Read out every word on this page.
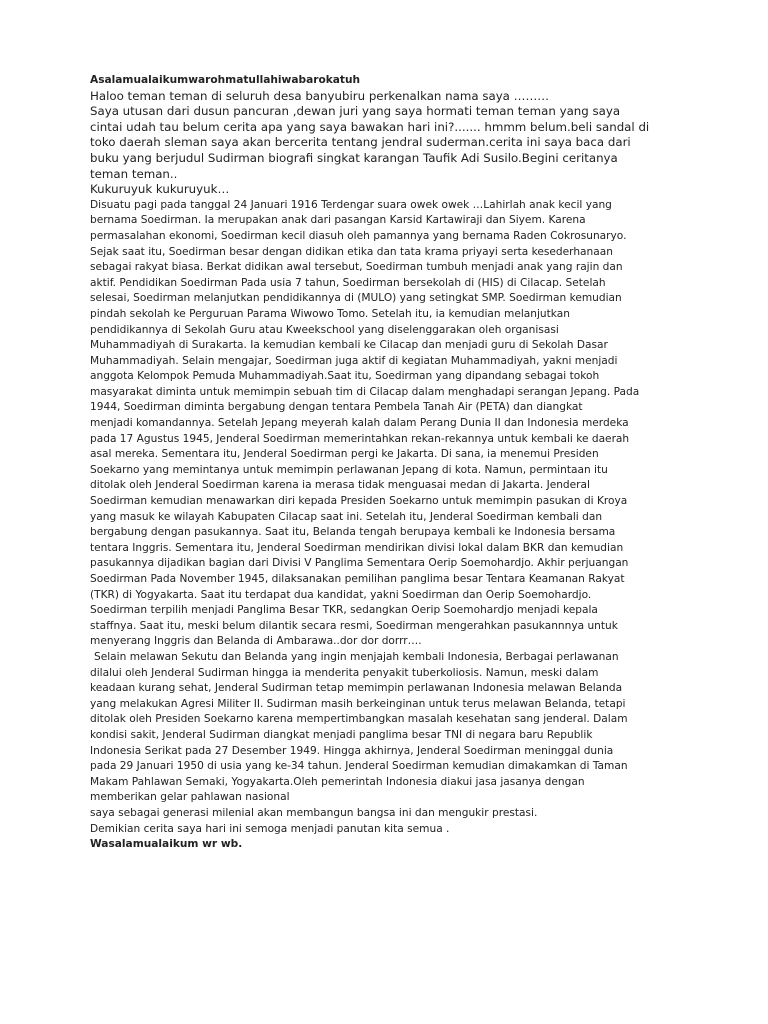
Asalamualaikumwarohmatullahiwabarokatuh

Haloo teman teman di seluruh desa banyubiru perkenalkan nama saya ………

Saya utusan dari dusun pancuran ,dewan juri yang saya hormati teman teman yang saya

cintai udah tau belum cerita apa yang saya bawakan hari ini?....... hmmm belum.beli sandal di

toko daerah sleman saya akan bercerita tentang jendral suderman.cerita ini saya baca dari

buku yang berjudul Sudirman biografi singkat karangan Taufik Adi Susilo.Begini ceritanya

teman teman..

Kukuruyuk kukuruyuk…

Disuatu pagi pada tanggal 24 Januari 1916 Terdengar suara owek owek …Lahirlah anak kecil yang

bernama Soedirman. Ia merupakan anak dari pasangan Karsid Kartawiraji dan Siyem. Karena

permasalahan ekonomi, Soedirman kecil diasuh oleh pamannya yang bernama Raden Cokrosunaryo.

Sejak saat itu, Soedirman besar dengan didikan etika dan tata krama priyayi serta kesederhanaan

sebagai rakyat biasa. Berkat didikan awal tersebut, Soedirman tumbuh menjadi anak yang rajin dan

aktif. Pendidikan Soedirman Pada usia 7 tahun, Soedirman bersekolah di (HIS) di Cilacap. Setelah

selesai, Soedirman melanjutkan pendidikannya di (MULO) yang setingkat SMP. Soedirman kemudian

pindah sekolah ke Perguruan Parama Wiwowo Tomo. Setelah itu, ia kemudian melanjutkan

pendidikannya di Sekolah Guru atau Kweekschool yang diselenggarakan oleh organisasi

Muhammadiyah di Surakarta. Ia kemudian kembali ke Cilacap dan menjadi guru di Sekolah Dasar

Muhammadiyah. Selain mengajar, Soedirman juga aktif di kegiatan Muhammadiyah, yakni menjadi

anggota Kelompok Pemuda Muhammadiyah.Saat itu, Soedirman yang dipandang sebagai tokoh

masyarakat diminta untuk memimpin sebuah tim di Cilacap dalam menghadapi serangan Jepang. Pada

1944, Soedirman diminta bergabung dengan tentara Pembela Tanah Air (PETA) dan diangkat

menjadi komandannya. Setelah Jepang meyerah kalah dalam Perang Dunia II dan Indonesia merdeka

pada 17 Agustus 1945, Jenderal Soedirman memerintahkan rekan-rekannya untuk kembali ke daerah

asal mereka. Sementara itu, Jenderal Soedirman pergi ke Jakarta. Di sana, ia menemui Presiden

Soekarno yang memintanya untuk memimpin perlawanan Jepang di kota. Namun, permintaan itu

ditolak oleh Jenderal Soedirman karena ia merasa tidak menguasai medan di Jakarta. Jenderal

Soedirman kemudian menawarkan diri kepada Presiden Soekarno untuk memimpin pasukan di Kroya

yang masuk ke wilayah Kabupaten Cilacap saat ini. Setelah itu, Jenderal Soedirman kembali dan

bergabung dengan pasukannya. Saat itu, Belanda tengah berupaya kembali ke Indonesia bersama

tentara Inggris. Sementara itu, Jenderal Soedirman mendirikan divisi lokal dalam BKR dan kemudian

pasukannya dijadikan bagian dari Divisi V Panglima Sementara Oerip Soemohardjo. Akhir perjuangan

Soedirman Pada November 1945, dilaksanakan pemilihan panglima besar Tentara Keamanan Rakyat

(TKR) di Yogyakarta. Saat itu terdapat dua kandidat, yakni Soedirman dan Oerip Soemohardjo.

Soedirman terpilih menjadi Panglima Besar TKR, sedangkan Oerip Soemohardjo menjadi kepala

staffnya. Saat itu, meski belum dilantik secara resmi, Soedirman mengerahkan pasukannnya untuk

menyerang Inggris dan Belanda di Ambarawa..dor dor dorrr….

Selain melawan Sekutu dan Belanda yang ingin menjajah kembali Indonesia, Berbagai perlawanan

dilalui oleh Jenderal Sudirman hingga ia menderita penyakit tuberkoliosis. Namun, meski dalam

keadaan kurang sehat, Jenderal Sudirman tetap memimpin perlawanan Indonesia melawan Belanda

yang melakukan Agresi Militer II. Sudirman masih berkeinginan untuk terus melawan Belanda, tetapi

ditolak oleh Presiden Soekarno karena mempertimbangkan masalah kesehatan sang jenderal. Dalam

kondisi sakit, Jenderal Sudirman diangkat menjadi panglima besar TNI di negara baru Republik

Indonesia Serikat pada 27 Desember 1949. Hingga akhirnya, Jenderal Soedirman meninggal dunia

pada 29 Januari 1950 di usia yang ke-34 tahun. Jenderal Soedirman kemudian dimakamkan di Taman

Makam Pahlawan Semaki, Yogyakarta.Oleh pemerintah Indonesia diakui jasa jasanya dengan

memberikan gelar pahlawan nasional

saya sebagai generasi milenial akan membangun bangsa ini dan mengukir prestasi.

Demikian cerita saya hari ini semoga menjadi panutan kita semua .

Wasalamualaikum wr wb.
